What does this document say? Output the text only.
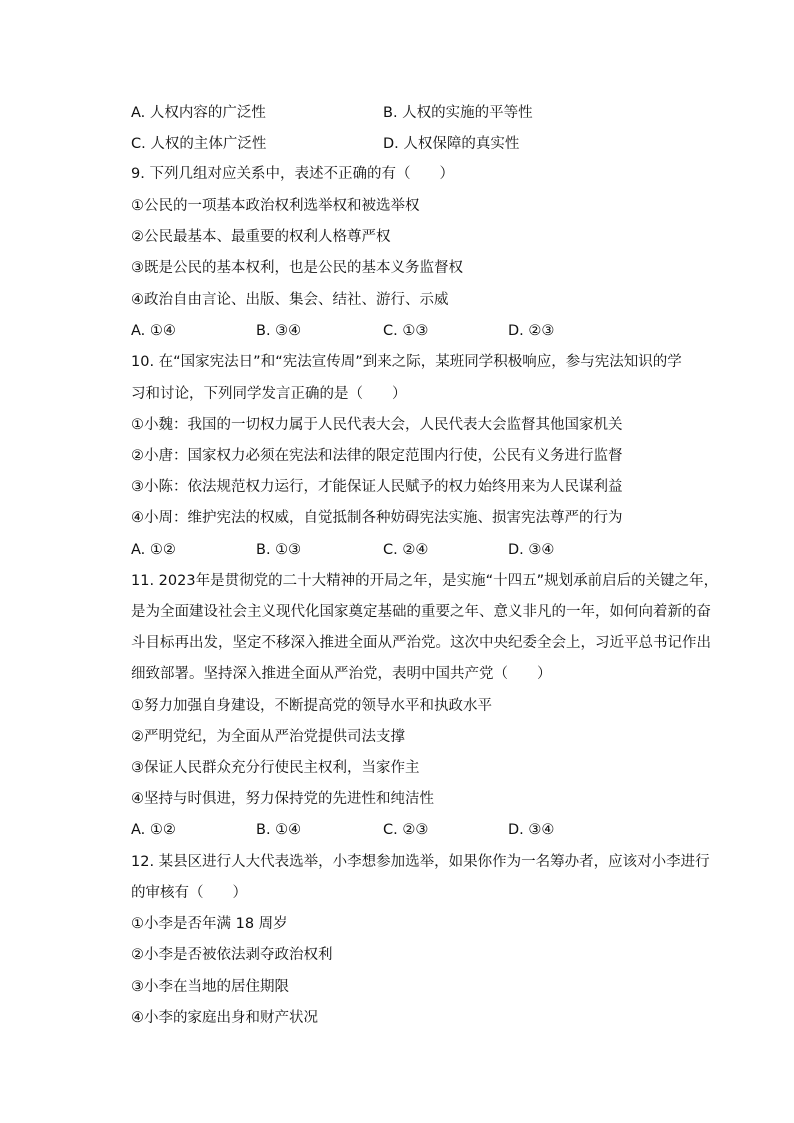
A. 人权内容的广泛性	B. 人权的实施的平等性
C. 人权的主体广泛性	D. 人权保障的真实性
9. 下列几组对应关系中，表述不正确的有（　　）
①公民的一项基本政治权利选举权和被选举权
②公民最基本、最重要的权利人格尊严权
③既是公民的基本权利，也是公民的基本义务监督权
④政治自由言论、出版、集会、结社、游行、示威
A. ①④	B. ③④	C. ①③	D. ②③
10. 在“国家宪法日”和“宪法宣传周”到来之际，某班同学积极响应，参与宪法知识的学
习和讨论，下列同学发言正确的是（　　）
①小魏：我国的一切权力属于人民代表大会，人民代表大会监督其他国家机关
②小唐：国家权力必须在宪法和法律的限定范围内行使，公民有义务进行监督
③小陈：依法规范权力运行，才能保证人民赋予的权力始终用来为人民谋利益
④小周：维护宪法的权威，自觉抵制各种妨碍宪法实施、损害宪法尊严的行为
A. ①②	B. ①③	C. ②④	D. ③④
11. 2023年是贯彻党的二十大精神的开局之年，是实施“十四五”规划承前启后的关键之年，
是为全面建设社会主义现代化国家奠定基础的重要之年、意义非凡的一年，如何向着新的奋
斗目标再出发，坚定不移深入推进全面从严治党。这次中央纪委全会上，习近平总书记作出
细致部署。坚持深入推进全面从严治党，表明中国共产党（　　）
①努力加强自身建设，不断提高党的领导水平和执政水平
②严明党纪，为全面从严治党提供司法支撑
③保证人民群众充分行使民主权利，当家作主
④坚持与时俱进，努力保持党的先进性和纯洁性
A. ①②	B. ①④	C. ②③	D. ③④
12. 某县区进行人大代表选举，小李想参加选举，如果你作为一名筹办者，应该对小李进行
的审核有（　　）
①小李是否年满 18 周岁
②小李是否被依法剥夺政治权利
③小李在当地的居住期限
④小李的家庭出身和财产状况
